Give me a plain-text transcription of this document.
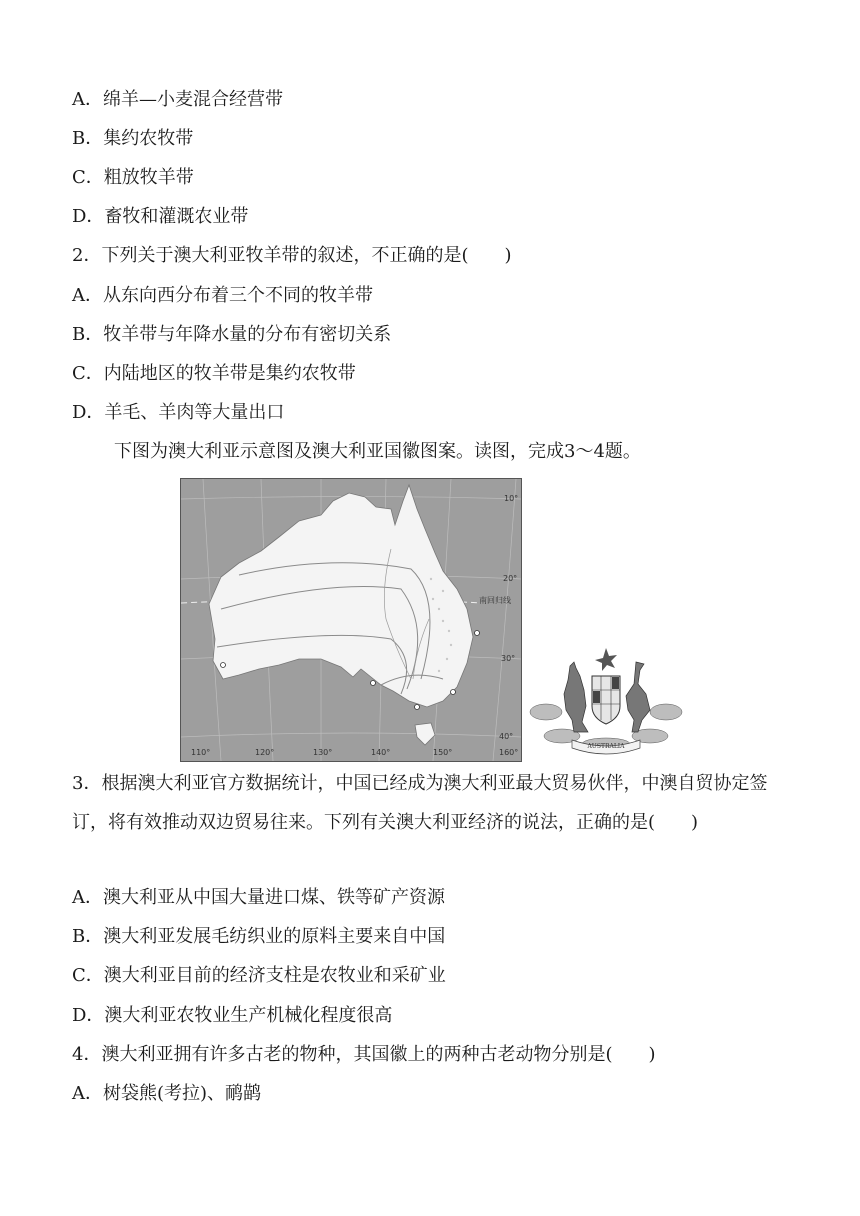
A．绵羊—小麦混合经营带
B．集约农牧带
C．粗放牧羊带
D．畜牧和灌溉农业带
2．下列关于澳大利亚牧羊带的叙述，不正确的是(　　)
A．从东向西分布着三个不同的牧羊带
B．牧羊带与年降水量的分布有密切关系
C．内陆地区的牧羊带是集约农牧带
D．羊毛、羊肉等大量出口
下图为澳大利亚示意图及澳大利亚国徽图案。读图，完成3～4题。
10°
20°
30°
40°
南回归线
110°	120°	130°	140°	150°	160°
AUSTRALIA
3．根据澳大利亚官方数据统计，中国已经成为澳大利亚最大贸易伙伴，中澳自贸协定签订，将有效推动双边贸易往来。下列有关澳大利亚经济的说法，正确的是(　　)
A．澳大利亚从中国大量进口煤、铁等矿产资源
B．澳大利亚发展毛纺织业的原料主要来自中国
C．澳大利亚目前的经济支柱是农牧业和采矿业
D．澳大利亚农牧业生产机械化程度很高
4．澳大利亚拥有许多古老的物种，其国徽上的两种古老动物分别是(　　)
A．树袋熊(考拉)、鸸鹋
